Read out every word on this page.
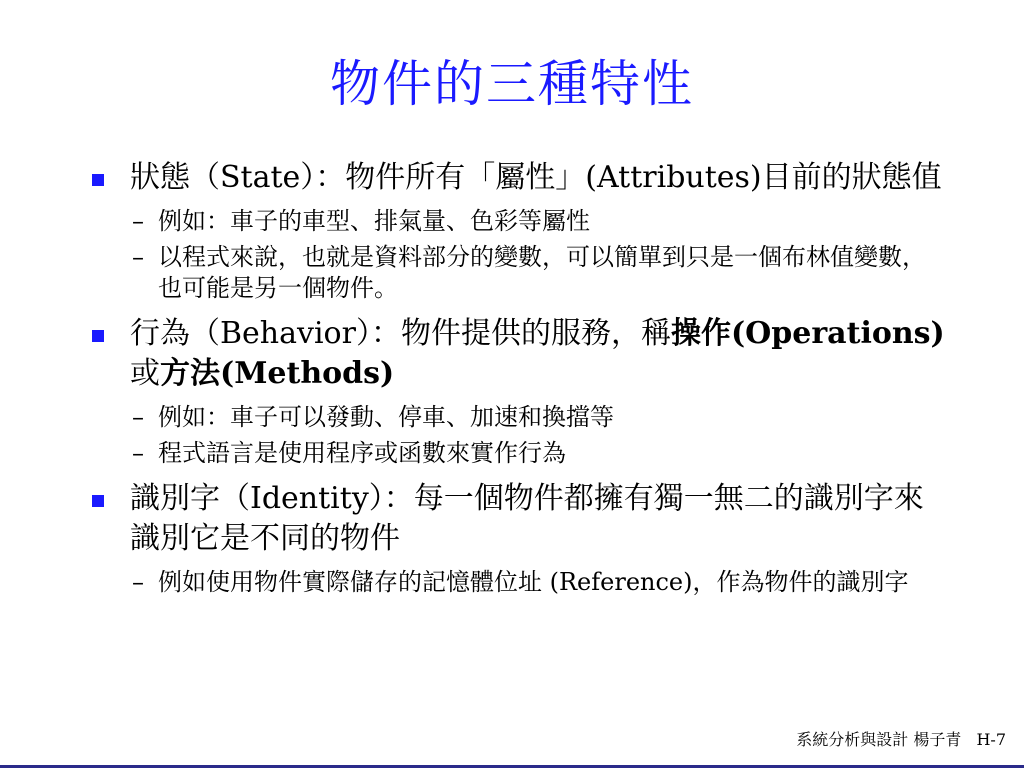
物件的三種特性
狀態（State）：物件所有「屬性」(Attributes)目前的狀態值
– 例如：車子的車型、排氣量、色彩等屬性
– 以程式來說，也就是資料部分的變數，可以簡單到只是一個布林值變數，也可能是另一個物件。
行為（Behavior）：物件提供的服務，稱操作(Operations)或方法(Methods)
– 例如：車子可以發動、停車、加速和換擋等
– 程式語言是使用程序或函數來實作行為
識別字（Identity）：每一個物件都擁有獨一無二的識別字來識別它是不同的物件
– 例如使用物件實際儲存的記憶體位址 (Reference)，作為物件的識別字
系統分析與設計 楊子青 H-7
